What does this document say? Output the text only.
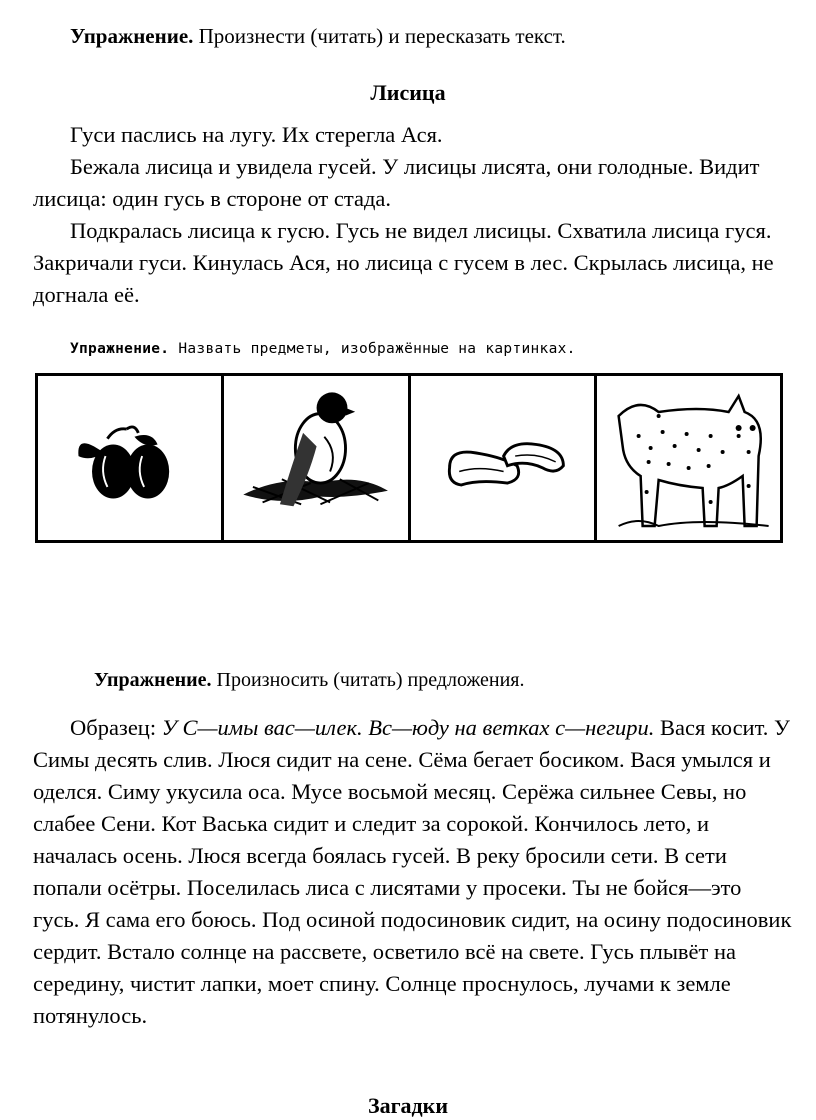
Упражнение. Произнести (читать) и пересказать текст.
Лисица
Гуси паслись на лугу. Их стерегла Ася.
Бежала лисица и увидела гусей. У лисицы лисята, они голодные. Видит лисица: один гусь в стороне от стада.
Подкралась лисица к гусю. Гусь не видел лисицы. Схватила лисица гуся. Закричали гуси. Кинулась Ася, но лисица с гусем в лес. Скрылась лисица, не догнала её.
Упражнение. Назвать предметы, изображённые на картинках.
Упражнение. Произносить (читать) предложения.
Образец: У С—имы вас—илек. Вс—юду на ветках с—негири. Вася косит. У Симы десять слив. Люся сидит на сене. Сёма бегает босиком. Вася умылся и оделся. Симу укусила оса. Мусе восьмой месяц. Серёжа сильнее Севы, но слабее Сени. Кот Васька сидит и следит за сорокой. Кончилось лето, и началась осень. Люся всегда боялась гусей. В реку бросили сети. В сети попали осётры. Поселилась лиса с лисятами у просеки. Ты не бойся—это гусь. Я сама его боюсь. Под осиной подосиновик сидит, на осину подосиновик сердит. Встало солнце на рассвете, осветило всё на свете. Гусь плывёт на середину, чистит лапки, моет спину. Солнце проснулось, лучами к земле потянулось.
Загадки
